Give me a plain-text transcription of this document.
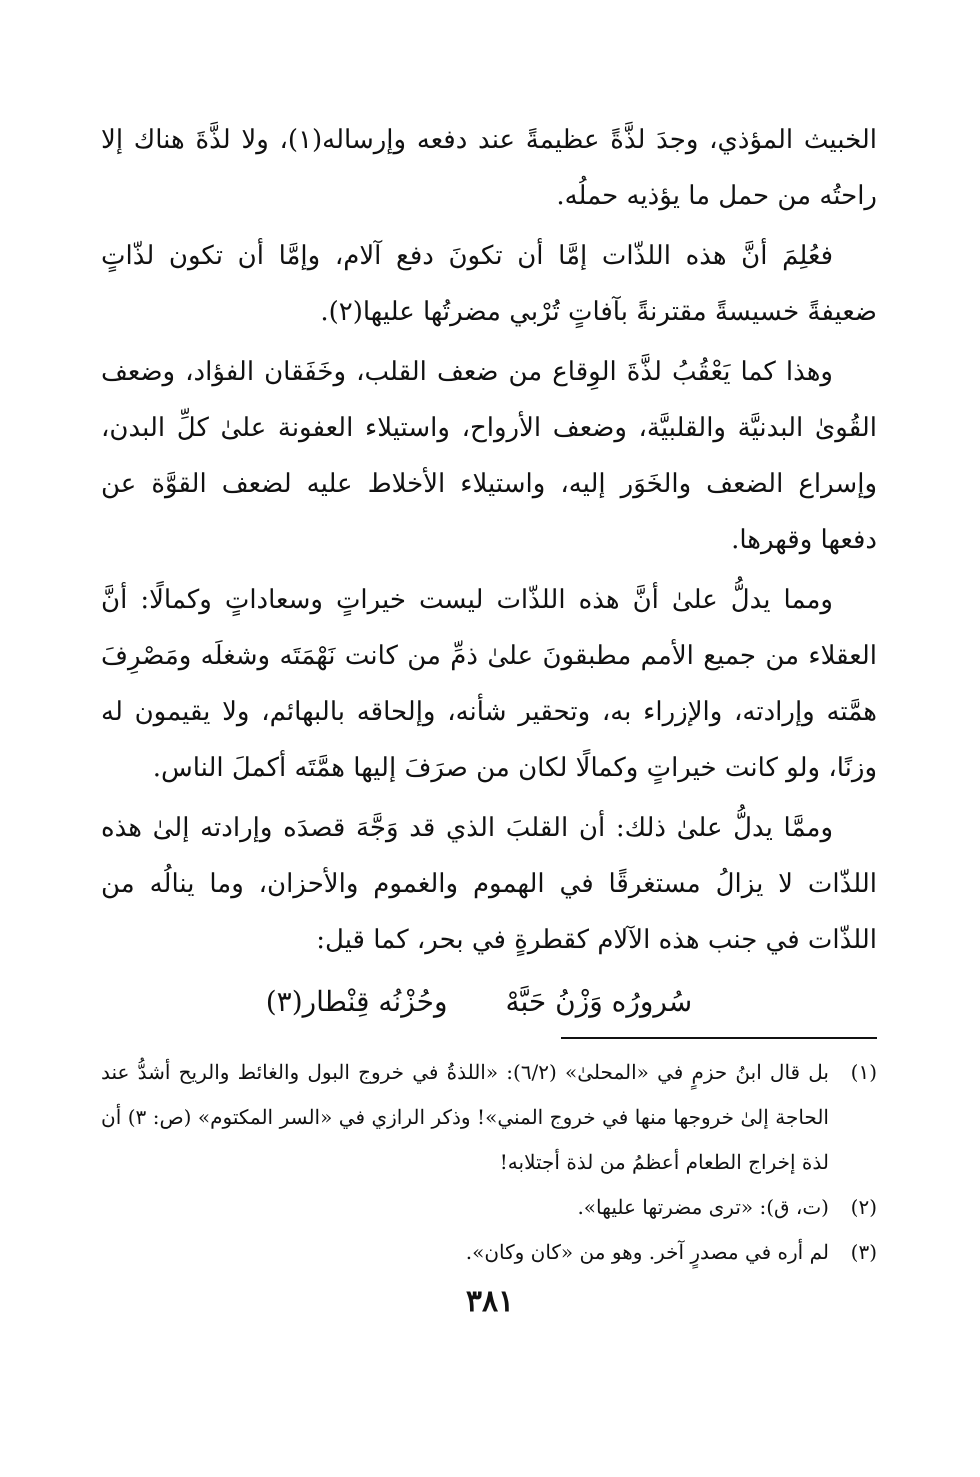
الخبيث المؤذي، وجدَ لذَّةً عظيمةً عند دفعه وإرساله(١)، ولا لذَّةَ هناك إلا راحتُه من حمل ما يؤذيه حملُه.

فعُلِمَ أنَّ هذه اللذّات إمَّا أن تكونَ دفع آلام، وإمَّا أن تكون لذّاتٍ ضعيفةً خسيسةً مقترنةً بآفاتٍ تُرْبي مضرتُها عليها(٢).

وهذا كما يَعْقُبُ لذَّةَ الوِقاع من ضعف القلب، وخَفَقان الفؤاد، وضعف القُوىٰ البدنيَّة والقلبيَّة، وضعف الأرواح، واستيلاء العفونة علىٰ كلِّ البدن، وإسراع الضعف والخَوَر إليه، واستيلاء الأخلاط عليه لضعف القوَّة عن دفعها وقهرها.

ومما يدلُّ علىٰ أنَّ هذه اللذّات ليست خيراتٍ وسعاداتٍ وكمالًا: أنَّ العقلاء من جميع الأمم مطبقونَ علىٰ ذمِّ من كانت نَهْمَتَه وشغلَه ومَصْرِفَ همَّته وإرادته، والإزراء به، وتحقير شأنه، وإلحاقه بالبهائم، ولا يقيمون له وزنًا، ولو كانت خيراتٍ وكمالًا لكان من صرَفَ إليها همَّتَه أكملَ الناس.

وممَّا يدلُّ علىٰ ذلك: أن القلبَ الذي قد وَجَّهَ قصدَه وإرادته إلىٰ هذه اللذّات لا يزالُ مستغرقًا في الهموم والغموم والأحزان، وما ينالُه من اللذّات في جنب هذه الآلام كقطرةٍ في بحر، كما قيل:

سُرورُه وَزْنُ حَبَّهْ
وحُزْنُه قِنْطار(٣)
(١)
بل قال ابنُ حزمٍ في «المحلىٰ» (٦/٢): «اللذةُ في خروج البول والغائط والريح أشدُّ عند الحاجة إلىٰ خروجها منها في خروج المني»! وذكر الرازي في «السر المكتوم» (ص: ٣) أن لذة إخراج الطعام أعظمُ من لذة أجتلابه!
(٢)
(ت، ق): «ترى مضرتها عليها».
(٣)
لم أره في مصدرٍ آخر. وهو من «كان وكان».
٣٨١
